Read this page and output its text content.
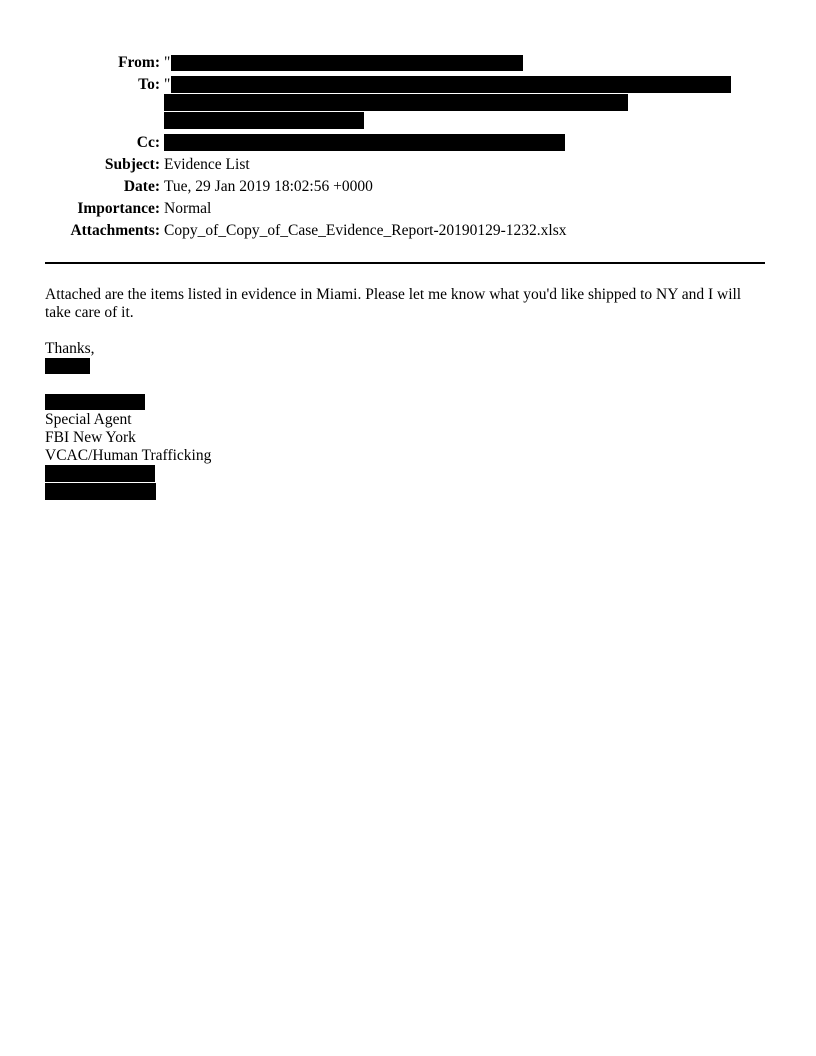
From: "
To: "
Cc:
Subject: Evidence List
Date: Tue, 29 Jan 2019 18:02:56 +0000
Importance: Normal
Attachments: Copy_of_Copy_of_Case_Evidence_Report-20190129-1232.xlsx
Attached are the items listed in evidence in Miami. Please let me know what you'd like shipped to NY and I will take care of it.
Thanks,
Special Agent
FBI New York
VCAC/Human Trafficking
